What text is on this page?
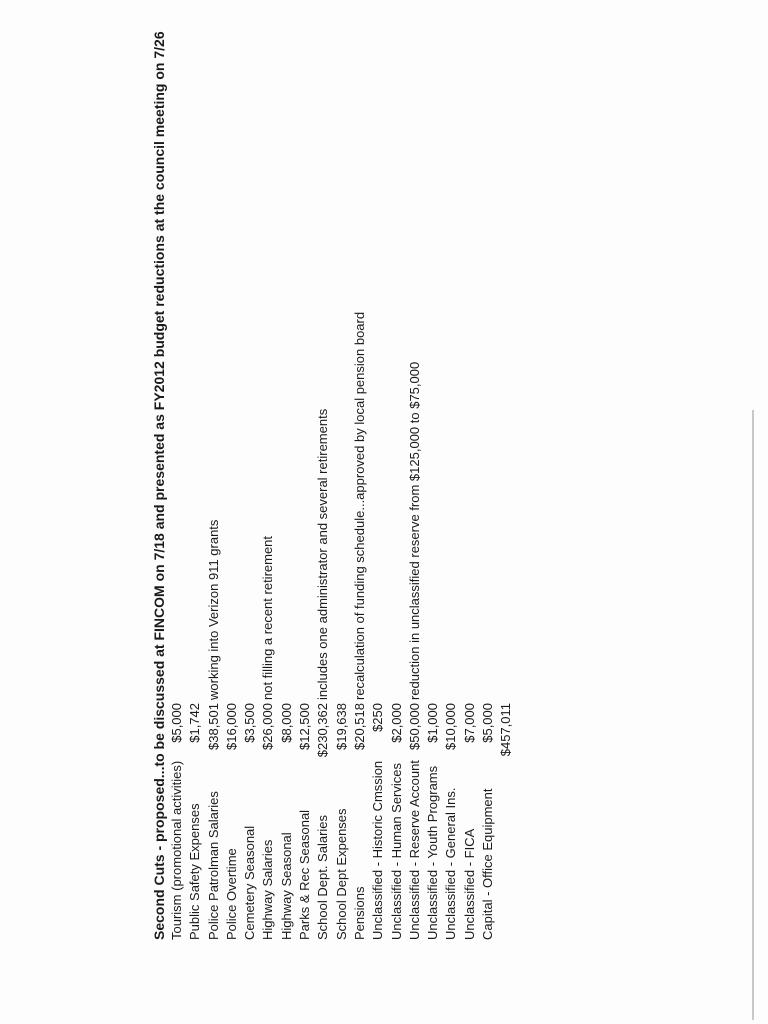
Second Cuts - proposed...to be discussed at FINCOM on 7/18 and presented as FY2012 budget reductions at the council meeting on 7/26 Tourism (promotional activities)
$5,000
Public Safety Expenses
$1,742
Police Patrolman Salaries
$38,501
working into Verizon 911 grants
Police Overtime
$16,000
Cemetery Seasonal
$3,500
Highway Salaries
$26,000
not filling a recent retirement
Highway Seasonal
$8,000
Parks & Rec Seasonal
$12,500
School Dept. Salaries
$230,362
includes one administrator and several retirements
School Dept Expenses
$19,638
Pensions
$20,518
recalculation of funding schedule...approved by local pension board
Unclassified - Historic Cmssion
$250
Unclassified - Human Services
$2,000
Unclassified - Reserve Account
$50,000
reduction in unclassified reserve from $125,000 to $75,000
Unclassified - Youth Programs
$1,000
Unclassified - General Ins.
$10,000
Unclassified - FICA
$7,000
Capital - Office Equipment
$5,000 $457,011
